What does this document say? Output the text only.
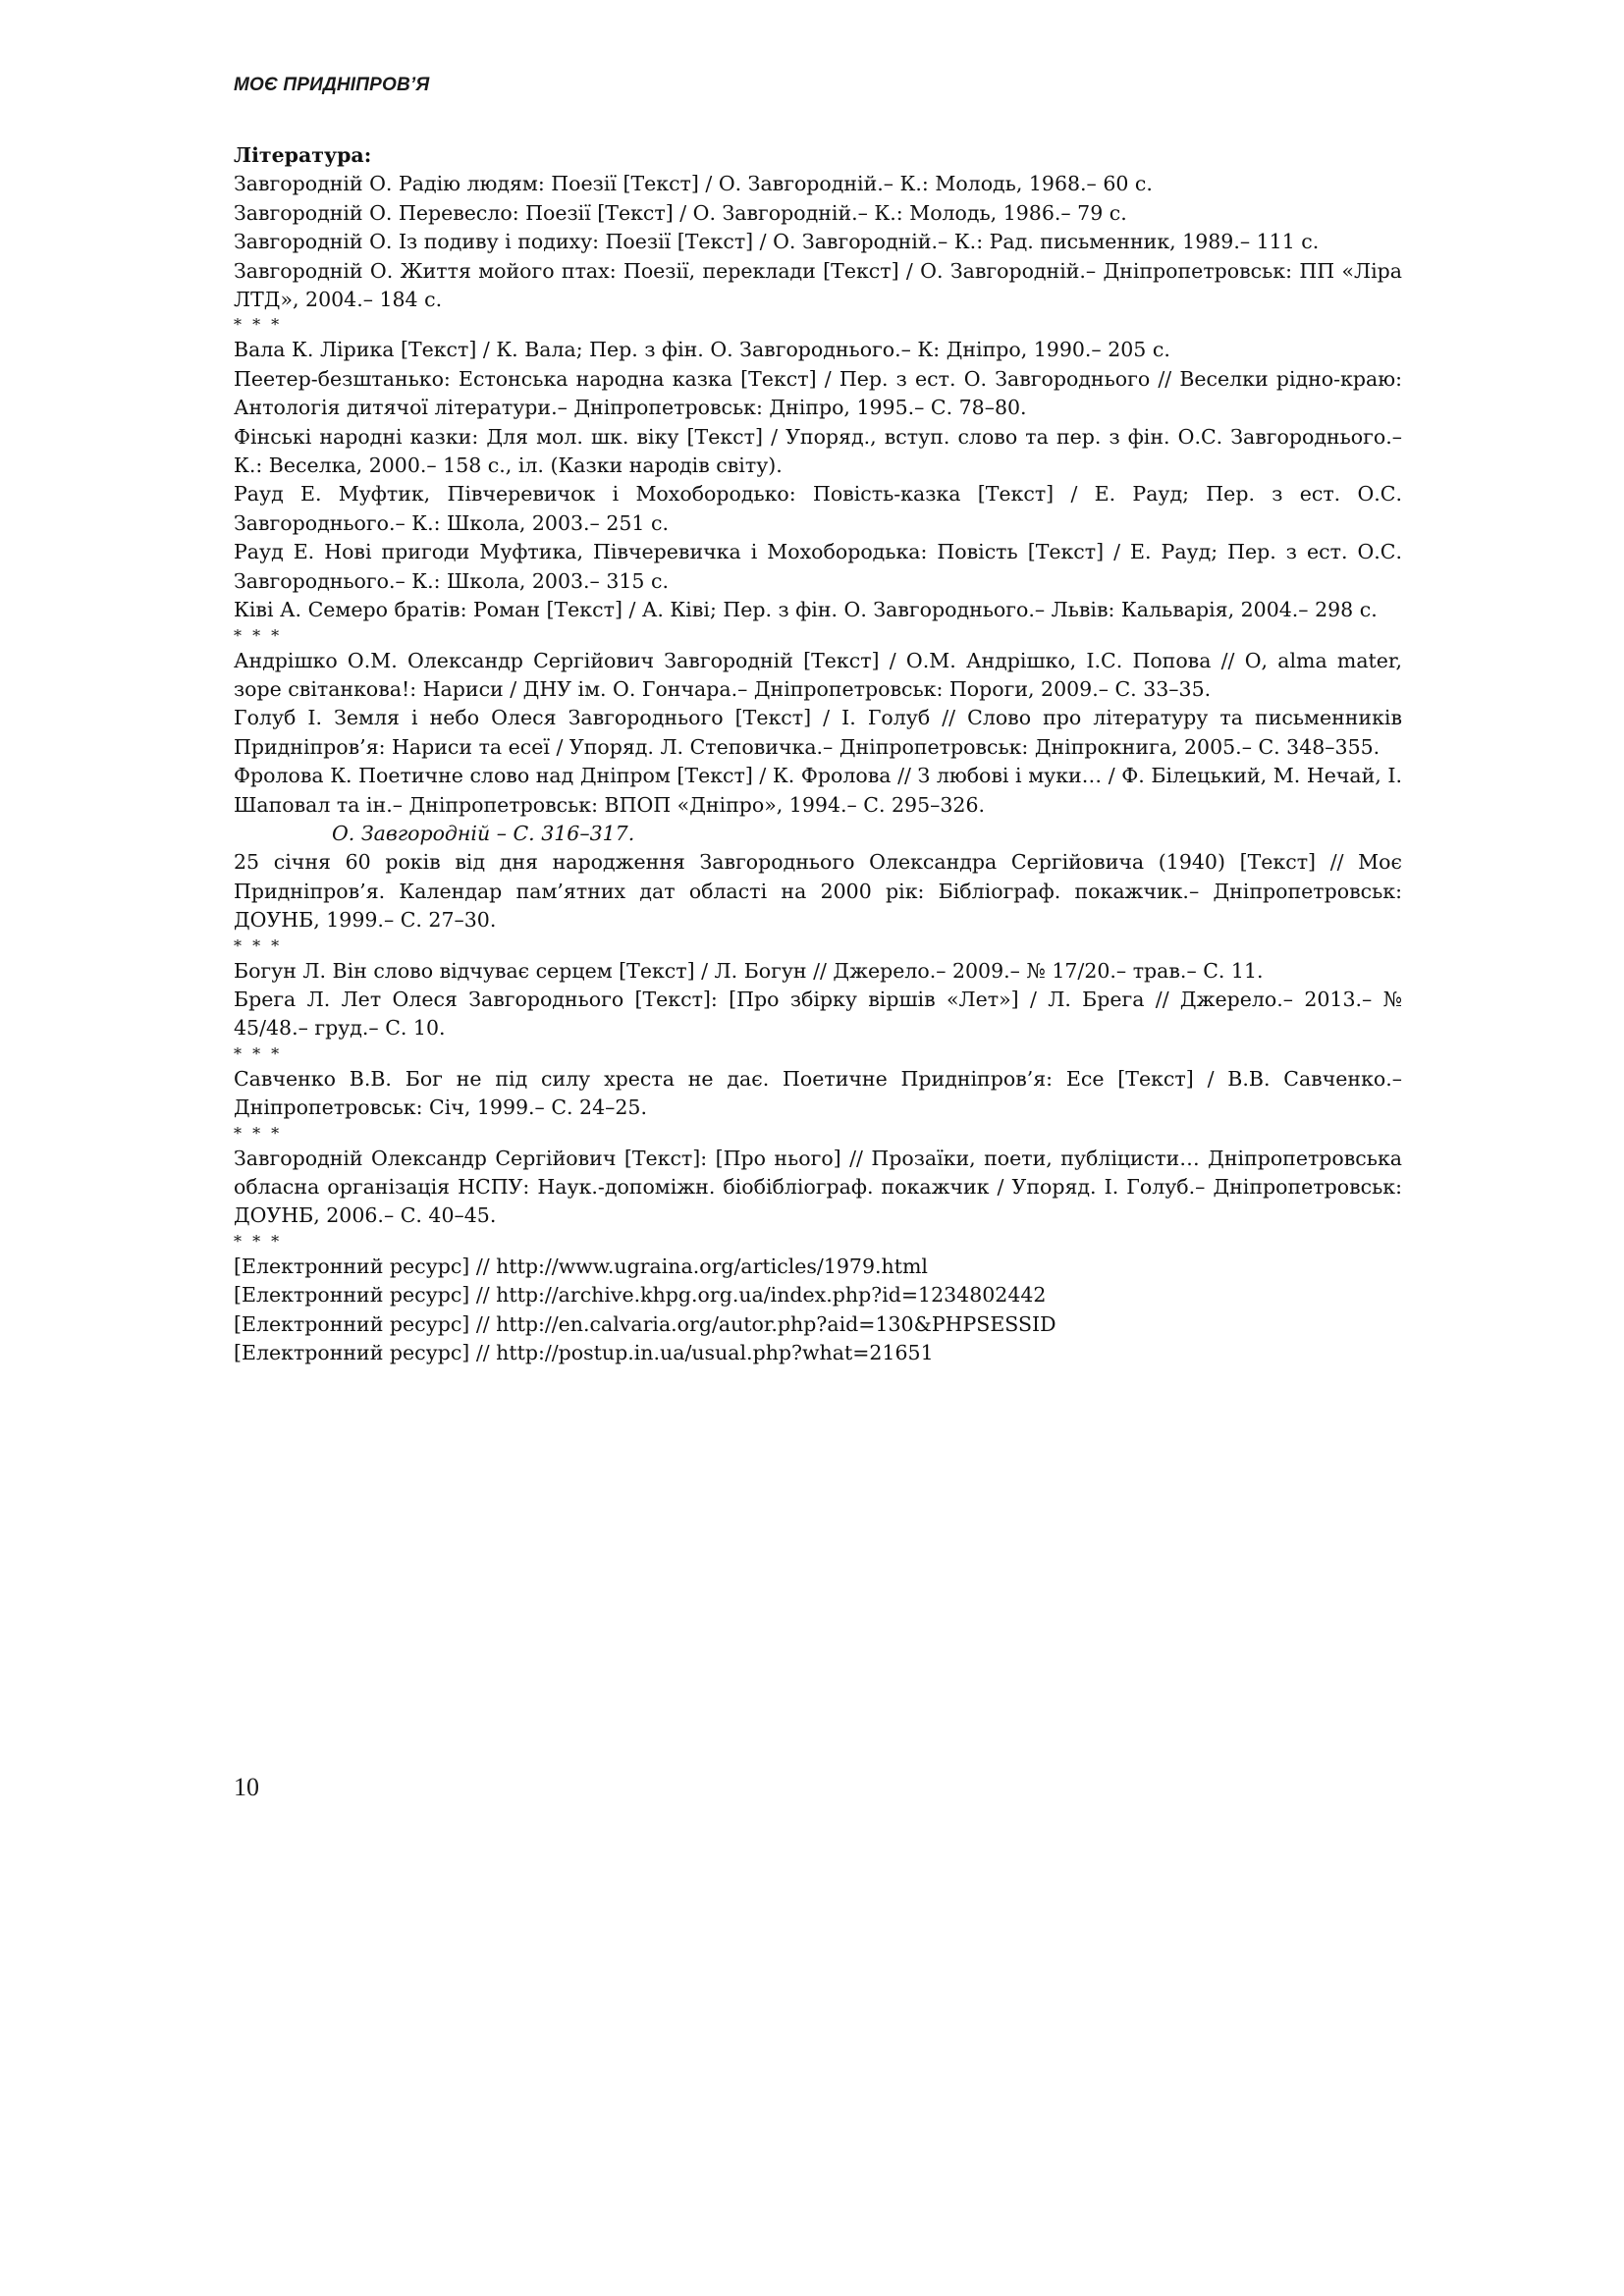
МОЄ ПРИДНІПРОВ’Я

Література:

Завгородній О. Радію людям: Поезії [Текст] / О. Завгородній.– К.: Молодь, 1968.– 60 с.

Завгородній О. Перевесло: Поезії [Текст] / О. Завгородній.– К.: Молодь, 1986.– 79 с.

Завгородній О. Із подиву і подиху: Поезії [Текст] / О. Завгородній.– К.: Рад. письменник, 1989.– 111 с.

Завгородній О. Життя мойого птах: Поезії, переклади [Текст] / О. Завгородній.– Дніпропетровськ: ПП «Ліра ЛТД», 2004.– 184 с.

* * *

Вала К. Лірика [Текст] / К. Вала; Пер. з фін. О. Завгороднього.– К: Дніпро, 1990.– 205 с.

Пеетер-безштанько: Естонська народна казка [Текст] / Пер. з ест. О. Завгороднього // Веселки рідно-краю: Антологія дитячої літератури.– Дніпропетровськ: Дніпро, 1995.– С. 78–80.

Фінські народні казки: Для мол. шк. віку [Текст] / Упоряд., вступ. слово та пер. з фін. О.С. Завгороднього.– К.: Веселка, 2000.– 158 с., іл. (Казки народів світу).

Рауд Е. Муфтик, Півчеревичок і Мохобородько: Повість-казка [Текст] / Е. Рауд; Пер. з ест. О.С. Завгороднього.– К.: Школа, 2003.– 251 с.

Рауд Е. Нові пригоди Муфтика, Півчеревичка і Мохобородька: Повість [Текст] / Е. Рауд; Пер. з ест. О.С. Завгороднього.– К.: Школа, 2003.– 315 с.

Ківі А. Семеро братів: Роман [Текст] / А. Ківі; Пер. з фін. О. Завгороднього.– Львів: Кальварія, 2004.– 298 с.

* * *

Андрішко О.М. Олександр Сергійович Завгородній [Текст] / О.М. Андрішко, І.С. Попова // О, alma mater, зоре світанкова!: Нариси / ДНУ ім. О. Гончара.– Дніпропетровськ: Пороги, 2009.– С. 33–35.

Голуб І. Земля і небо Олеся Завгороднього [Текст] / І. Голуб // Слово про літературу та письменників Придніпров’я: Нариси та есеї / Упоряд. Л. Степовичка.– Дніпропетровськ: Дніпрокнига, 2005.– С. 348–355.

Фролова К. Поетичне слово над Дніпром [Текст] / К. Фролова // З любові і муки… / Ф. Білецький, М. Нечай, І. Шаповал та ін.– Дніпропетровськ: ВПОП «Дніпро», 1994.– С. 295–326.

О. Завгородній – С. 316–317.

25 січня 60 років від дня народження Завгороднього Олександра Сергійовича (1940) [Текст] // Моє Придніпров’я. Календар пам’ятних дат області на 2000 рік: Бібліограф. покажчик.– Дніпропетровськ: ДОУНБ, 1999.– С. 27–30.

* * *

Богун Л. Він слово відчуває серцем [Текст] / Л. Богун // Джерело.– 2009.– № 17/20.– трав.– С. 11.

Брега Л. Лет Олеся Завгороднього [Текст]: [Про збірку віршів «Лет»] / Л. Брега // Джерело.– 2013.– № 45/48.– груд.– С. 10.

* * *

Савченко В.В. Бог не під силу хреста не дає. Поетичне Придніпров’я: Есе [Текст] / В.В. Савченко.– Дніпропетровськ: Січ, 1999.– С. 24–25.

* * *

Завгородній Олександр Сергійович [Текст]: [Про нього] // Прозаїки, поети, публіцисти… Дніпропетровська обласна організація НСПУ: Наук.-допоміжн. біобібліограф. покажчик / Упоряд. І. Голуб.– Дніпропетровськ: ДОУНБ, 2006.– С. 40–45.

* * *

[Електронний ресурс] // http://www.ugraina.org/articles/1979.html

[Електронний ресурс] // http://archive.khpg.org.ua/index.php?id=1234802442

[Електронний ресурс] // http://en.calvaria.org/autor.php?aid=130&PHPSESSID

[Електронний ресурс] // http://postup.in.ua/usual.php?what=21651

10
